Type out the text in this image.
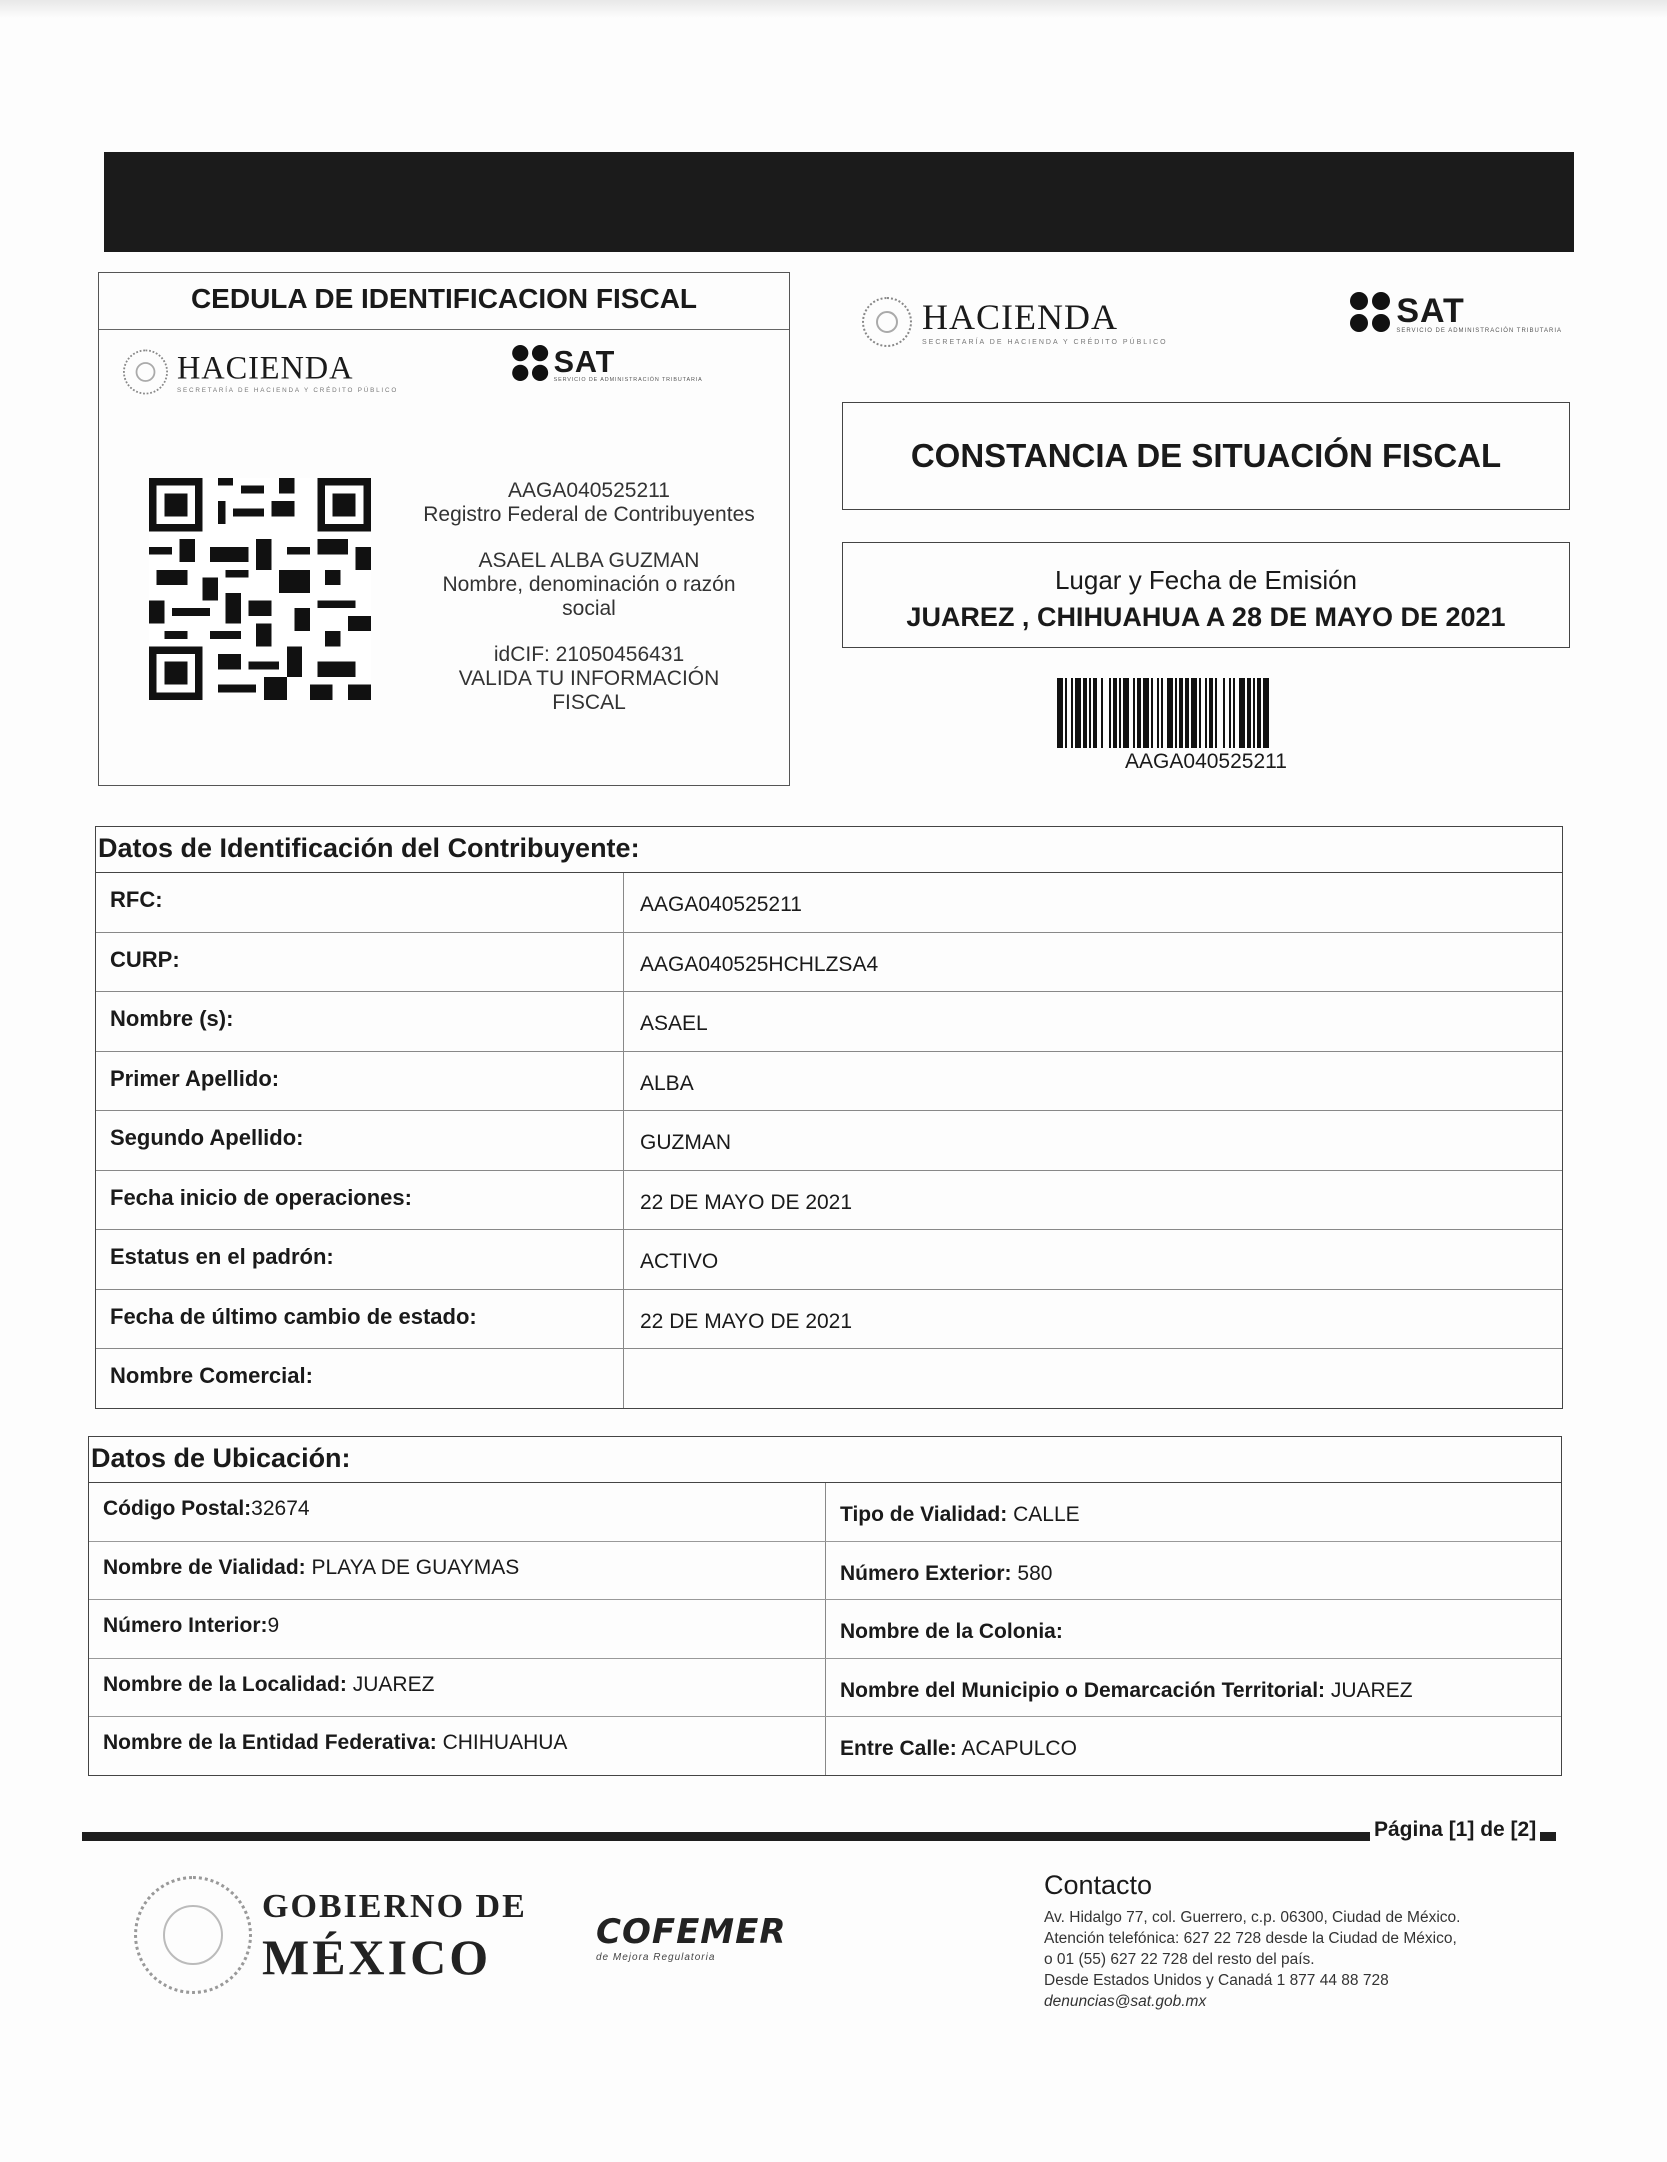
CEDULA DE IDENTIFICACION FISCAL
HACIENDA
SECRETARÍA DE HACIENDA Y CRÉDITO PÚBLICO
SAT
SERVICIO DE ADMINISTRACIÓN TRIBUTARIA

AAGA040525211

Registro Federal de Contribuyentes

ASAEL ALBA GUZMAN

Nombre, denominación o razón

social

idCIF: 21050456431

VALIDA TU INFORMACIÓN

FISCAL

HACIENDA
SECRETARÍA DE HACIENDA Y CRÉDITO PÚBLICO
SAT
SERVICIO DE ADMINISTRACIÓN TRIBUTARIA
CONSTANCIA DE SITUACIÓN FISCAL
Lugar y Fecha de Emisión
JUAREZ , CHIHUAHUA A 28 DE MAYO DE 2021
AAGA040525211
Datos de Identificación del Contribuyente:
RFC:	AAGA040525211
CURP:	AAGA040525HCHLZSA4
Nombre (s):	ASAEL
Primer Apellido:	ALBA
Segundo Apellido:	GUZMAN
Fecha inicio de operaciones:	22 DE MAYO DE 2021
Estatus en el padrón:	ACTIVO
Fecha de último cambio de estado:	22 DE MAYO DE 2021
Nombre Comercial:
Datos de Ubicación:
Código Postal:32674	Tipo de Vialidad: CALLE
Nombre de Vialidad: PLAYA DE GUAYMAS	Número Exterior: 580
Número Interior:9	Nombre de la Colonia:
Nombre de la Localidad: JUAREZ	Nombre del Municipio o Demarcación Territorial: JUAREZ
Nombre de la Entidad Federativa: CHIHUAHUA	Entre Calle: ACAPULCO
Página [1] de [2]
GOBIERNO DE
MÉXICO	COFEMER
de Mejora Regulatoria
Contacto
Av. Hidalgo 77, col. Guerrero, c.p. 06300, Ciudad de México.
Atención telefónica: 627 22 728 desde la Ciudad de México,
o 01 (55) 627 22 728 del resto del país.
Desde Estados Unidos y Canadá 1 877 44 88 728
denuncias@sat.gob.mx
